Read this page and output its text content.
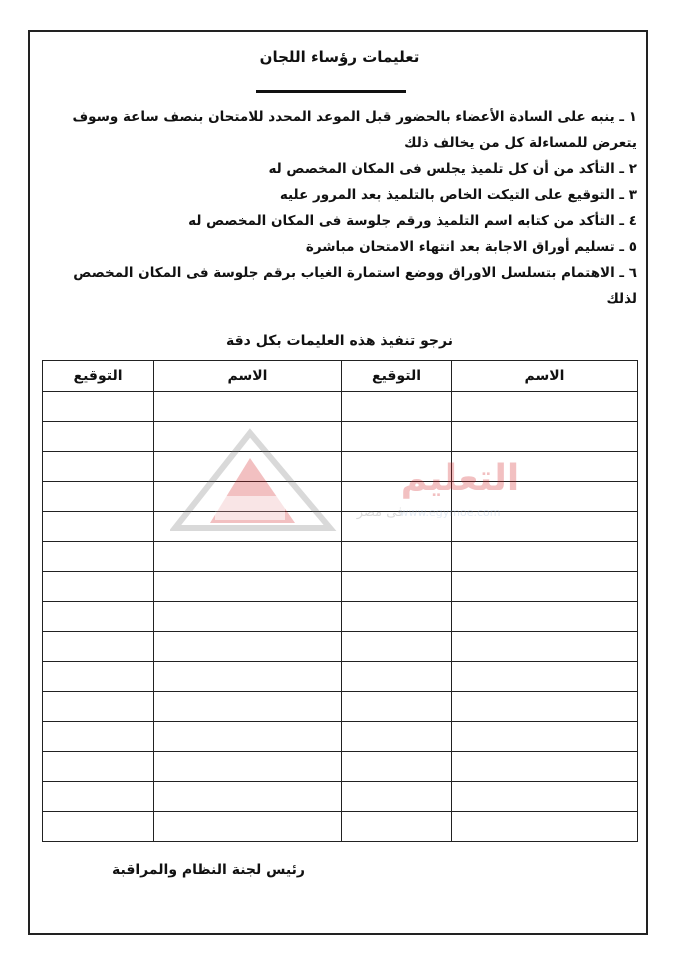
تعليمات رؤساء اللجان
١ ـ ينبه على السادة الأعضاء بالحضور قبل الموعد المحدد للامتحان بنصف ساعة وسوف يتعرض للمساءلة كل من يخالف ذلك
٢ ـ التأكد من أن كل تلميذ يجلس فى المكان المخصص له
٣ ـ التوقيع على التيكت الخاص بالتلميذ بعد المرور عليه
٤ ـ التأكد من كتابه اسم التلميذ ورقم جلوسة فى المكان المخصص له
٥ ـ تسليم أوراق الاجابة بعد انتهاء الامتحان مباشرة
٦ ـ الاهتمام بتسلسل الاوراق ووضع استمارة الغياب برقم جلوسة فى المكان المخصص لذلك
نرجو تنفيذ هذه العليمات بكل دقة
الاسم	التوقيع	الاسم	التوقيع

التعليم
فى مصر
www.egymoe.com
رئيس لجنة النظام والمراقبة
